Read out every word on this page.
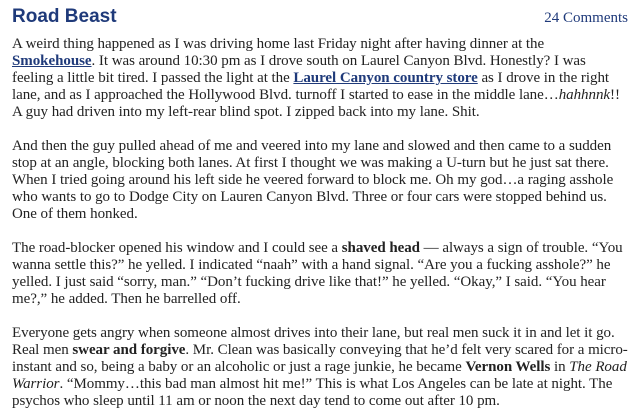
Road Beast	24 Comments

A weird thing happened as I was driving home last Friday night after having dinner at the Smokehouse. It was around 10:30 pm as I drove south on Laurel Canyon Blvd. Honestly? I was feeling a little bit tired. I passed the light at the Laurel Canyon country store as I drove in the right lane, and as I approached the Hollywood Blvd. turnoff I started to ease in the middle lane…hahhnnk!! A guy had driven into my left-rear blind spot. I zipped back into my lane. Shit.

And then the guy pulled ahead of me and veered into my lane and slowed and then came to a sudden stop at an angle, blocking both lanes. At first I thought we was making a U-turn but he just sat there. When I tried going around his left side he veered forward to block me. Oh my god…a raging asshole who wants to go to Dodge City on Lauren Canyon Blvd. Three or four cars were stopped behind us. One of them honked.

The road-blocker opened his window and I could see a shaved head — always a sign of trouble. “You wanna settle this?” he yelled. I indicated “naah” with a hand signal. “Are you a fucking asshole?” he yelled. I just said “sorry, man.” “Don’t fucking drive like that!” he yelled. “Okay,” I said. “You hear me?,” he added. Then he barrelled off.

Everyone gets angry when someone almost drives into their lane, but real men suck it in and let it go. Real men swear and forgive. Mr. Clean was basically conveying that he’d felt very scared for a micro-instant and so, being a baby or an alcoholic or just a rage junkie, he became Vernon Wells in The Road Warrior. “Mommy…this bad man almost hit me!” This is what Los Angeles can be late at night. The psychos who sleep until 11 am or noon the next day tend to come out after 10 pm.
